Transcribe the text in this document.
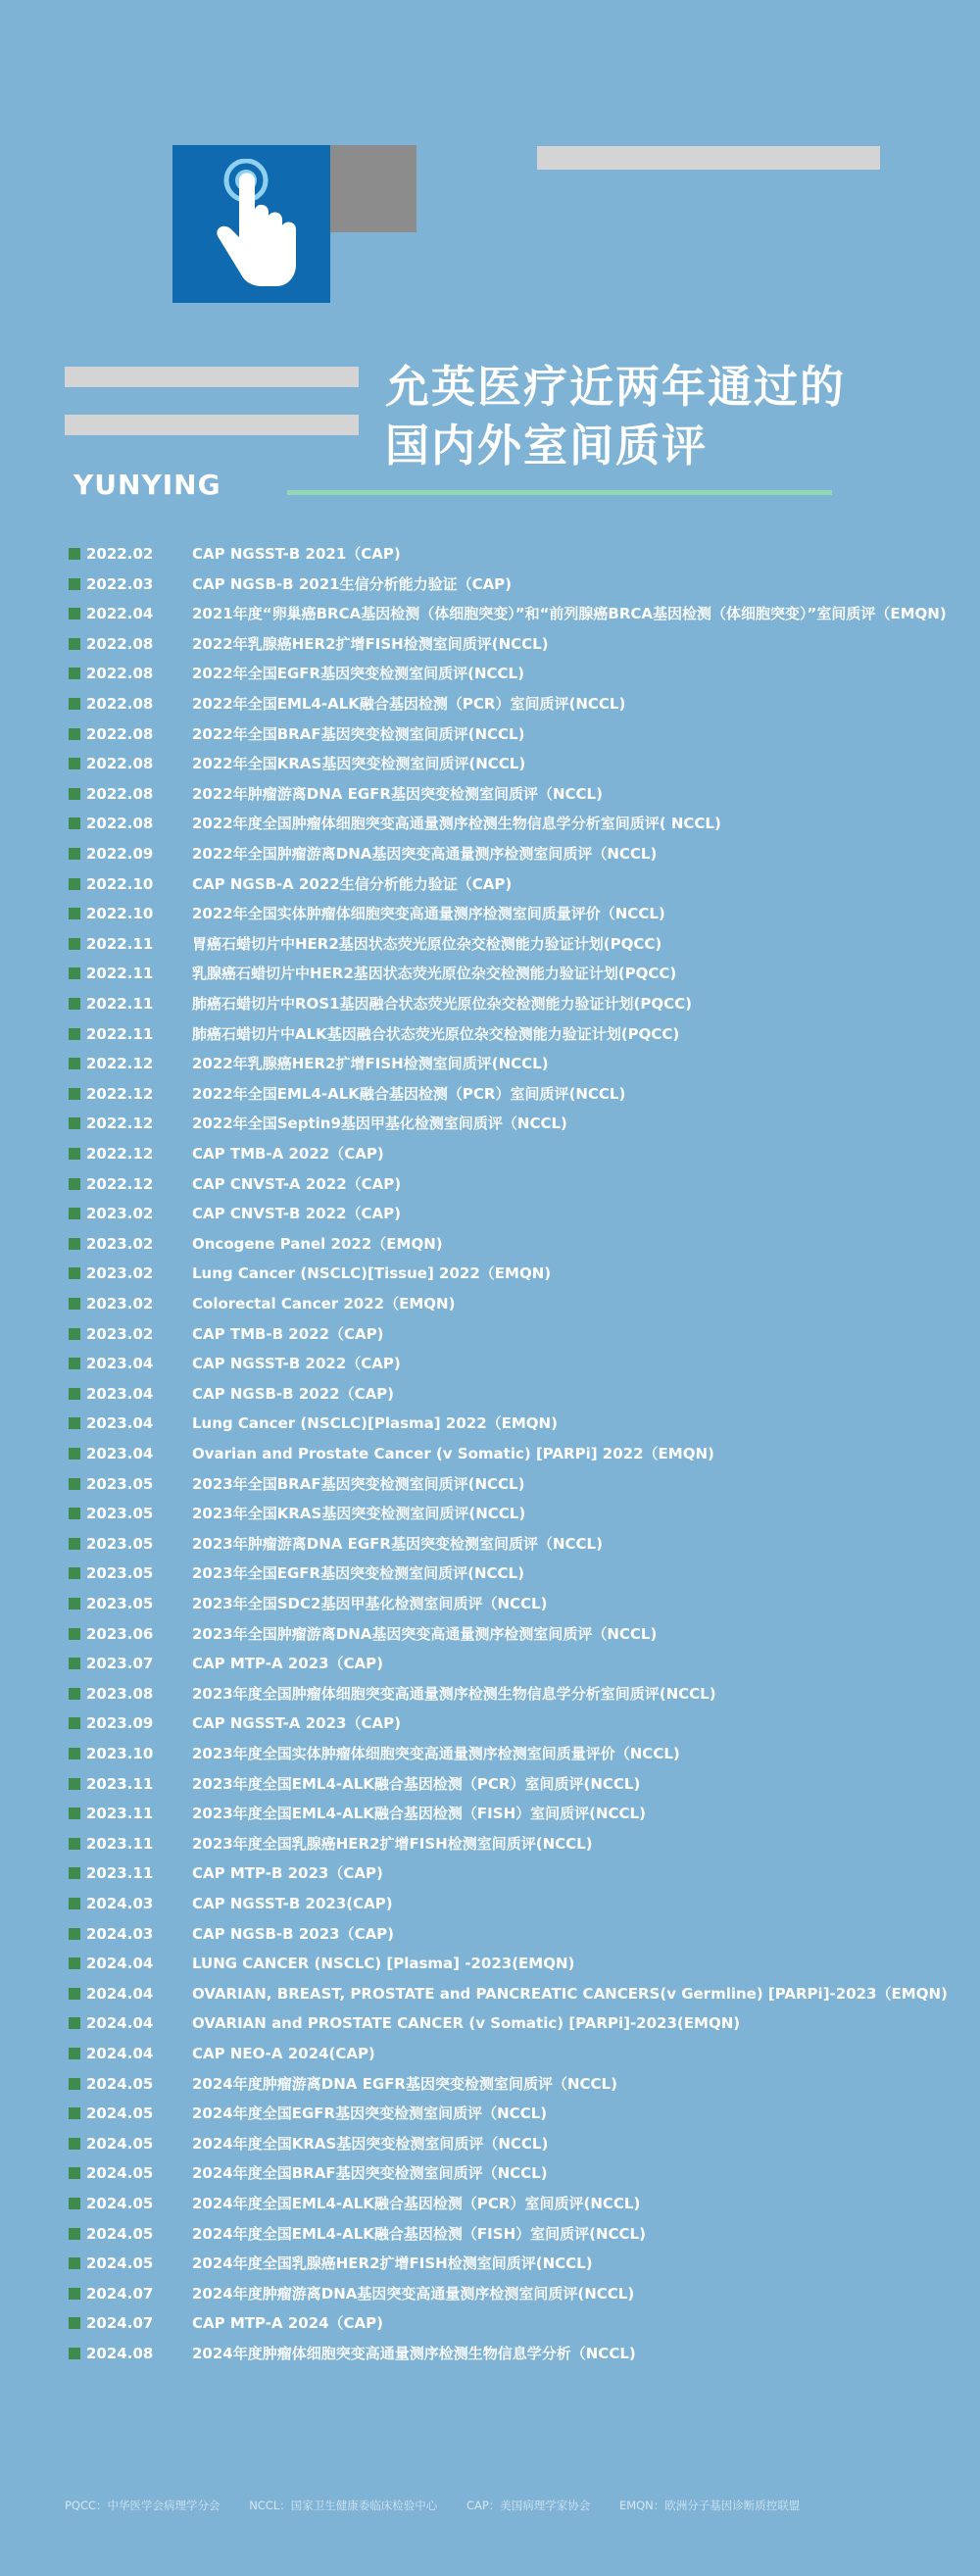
允英医疗近两年通过的
国内外室间质评
YUNYING
2022.02	CAP NGSST-B 2021（CAP)
2022.03	CAP NGSB-B 2021生信分析能力验证（CAP)
2022.04	2021年度“卵巢癌BRCA基因检测（体细胞突变）”和“前列腺癌BRCA基因检测（体细胞突变）”室间质评（EMQN)
2022.08	2022年乳腺癌HER2扩增FISH检测室间质评(NCCL)
2022.08	2022年全国EGFR基因突变检测室间质评(NCCL)
2022.08	2022年全国EML4-ALK融合基因检测（PCR）室间质评(NCCL)
2022.08	2022年全国BRAF基因突变检测室间质评(NCCL)
2022.08	2022年全国KRAS基因突变检测室间质评(NCCL)
2022.08	2022年肿瘤游离DNA EGFR基因突变检测室间质评（NCCL)
2022.08	2022年度全国肿瘤体细胞突变高通量测序检测生物信息学分析室间质评( NCCL)
2022.09	2022年全国肿瘤游离DNA基因突变高通量测序检测室间质评（NCCL)
2022.10	CAP NGSB-A 2022生信分析能力验证（CAP)
2022.10	2022年全国实体肿瘤体细胞突变高通量测序检测室间质量评价（NCCL)
2022.11	胃癌石蜡切片中HER2基因状态荧光原位杂交检测能力验证计划(PQCC)
2022.11	乳腺癌石蜡切片中HER2基因状态荧光原位杂交检测能力验证计划(PQCC)
2022.11	肺癌石蜡切片中ROS1基因融合状态荧光原位杂交检测能力验证计划(PQCC)
2022.11	肺癌石蜡切片中ALK基因融合状态荧光原位杂交检测能力验证计划(PQCC)
2022.12	2022年乳腺癌HER2扩增FISH检测室间质评(NCCL)
2022.12	2022年全国EML4-ALK融合基因检测（PCR）室间质评(NCCL)
2022.12	2022年全国Septin9基因甲基化检测室间质评（NCCL)
2022.12	CAP TMB-A 2022（CAP)
2022.12	CAP CNVST-A 2022（CAP)
2023.02	CAP CNVST-B 2022（CAP)
2023.02	Oncogene Panel 2022（EMQN)
2023.02	Lung Cancer (NSCLC)[Tissue] 2022（EMQN)
2023.02	Colorectal Cancer 2022（EMQN)
2023.02	CAP TMB-B 2022（CAP)
2023.04	CAP NGSST-B 2022（CAP)
2023.04	CAP NGSB-B 2022（CAP)
2023.04	Lung Cancer (NSCLC)[Plasma] 2022（EMQN)
2023.04	Ovarian and Prostate Cancer (v Somatic) [PARPi] 2022（EMQN)
2023.05	2023年全国BRAF基因突变检测室间质评(NCCL)
2023.05	2023年全国KRAS基因突变检测室间质评(NCCL)
2023.05	2023年肿瘤游离DNA EGFR基因突变检测室间质评（NCCL)
2023.05	2023年全国EGFR基因突变检测室间质评(NCCL)
2023.05	2023年全国SDC2基因甲基化检测室间质评（NCCL)
2023.06	2023年全国肿瘤游离DNA基因突变高通量测序检测室间质评（NCCL)
2023.07	CAP MTP-A 2023（CAP)
2023.08	2023年度全国肿瘤体细胞突变高通量测序检测生物信息学分析室间质评(NCCL)
2023.09	CAP NGSST-A 2023（CAP)
2023.10	2023年度全国实体肿瘤体细胞突变高通量测序检测室间质量评价（NCCL)
2023.11	2023年度全国EML4-ALK融合基因检测（PCR）室间质评(NCCL)
2023.11	2023年度全国EML4-ALK融合基因检测（FISH）室间质评(NCCL)
2023.11	2023年度全国乳腺癌HER2扩增FISH检测室间质评(NCCL)
2023.11	CAP MTP-B 2023（CAP)
2024.03	CAP NGSST-B 2023(CAP)
2024.03	CAP NGSB-B 2023（CAP)
2024.04	LUNG CANCER (NSCLC) [Plasma] -2023(EMQN)
2024.04	OVARIAN, BREAST, PROSTATE and PANCREATIC CANCERS(v Germline) [PARPi]-2023（EMQN)
2024.04	OVARIAN and PROSTATE CANCER (v Somatic) [PARPi]-2023(EMQN)
2024.04	CAP NEO-A 2024(CAP)
2024.05	2024年度肿瘤游离DNA EGFR基因突变检测室间质评（NCCL)
2024.05	2024年度全国EGFR基因突变检测室间质评（NCCL)
2024.05	2024年度全国KRAS基因突变检测室间质评（NCCL)
2024.05	2024年度全国BRAF基因突变检测室间质评（NCCL)
2024.05	2024年度全国EML4-ALK融合基因检测（PCR）室间质评(NCCL)
2024.05	2024年度全国EML4-ALK融合基因检测（FISH）室间质评(NCCL)
2024.05	2024年度全国乳腺癌HER2扩增FISH检测室间质评(NCCL)
2024.07	2024年度肿瘤游离DNA基因突变高通量测序检测室间质评(NCCL)
2024.07	CAP MTP-A 2024（CAP)
2024.08	2024年度肿瘤体细胞突变高通量测序检测生物信息学分析（NCCL)
PQCC：中华医学会病理学分会	NCCL：国家卫生健康委临床检验中心	CAP：美国病理学家协会	EMQN：欧洲分子基因诊断质控联盟
